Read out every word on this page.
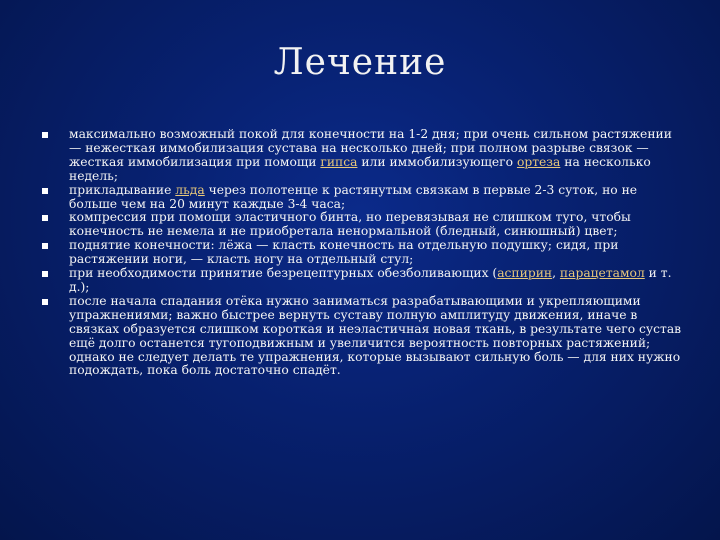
Лечение
максимально возможный покой для конечности на 1-2 дня; при очень сильном растяжении — нежесткая иммобилизация сустава на несколько дней; при полном разрыве связок — жесткая иммобилизация при помощи гипса или иммобилизующего ортеза на несколько недель;
прикладывание льда через полотенце к растянутым связкам в первые 2-3 суток, но не больше чем на 20 минут каждые 3-4 часа;
компрессия при помощи эластичного бинта, но перевязывая не слишком туго, чтобы конечность не немела и не приобретала ненормальной (бледный, синюшный) цвет;
поднятие конечности: лёжа — класть конечность на отдельную подушку; сидя, при растяжении ноги, — класть ногу на отдельный стул;
при необходимости принятие безрецептурных обезболивающих (аспирин, парацетамол и т. д.);
после начала спадания отёка нужно заниматься разрабатывающими и укрепляющими упражнениями; важно быстрее вернуть суставу полную амплитуду движения, иначе в связках образуется слишком короткая и неэластичная новая ткань, в результате чего сустав ещё долго останется тугоподвижным и увеличится вероятность повторных растяжений; однако не следует делать те упражнения, которые вызывают сильную боль — для них нужно подождать, пока боль достаточно спадёт.
